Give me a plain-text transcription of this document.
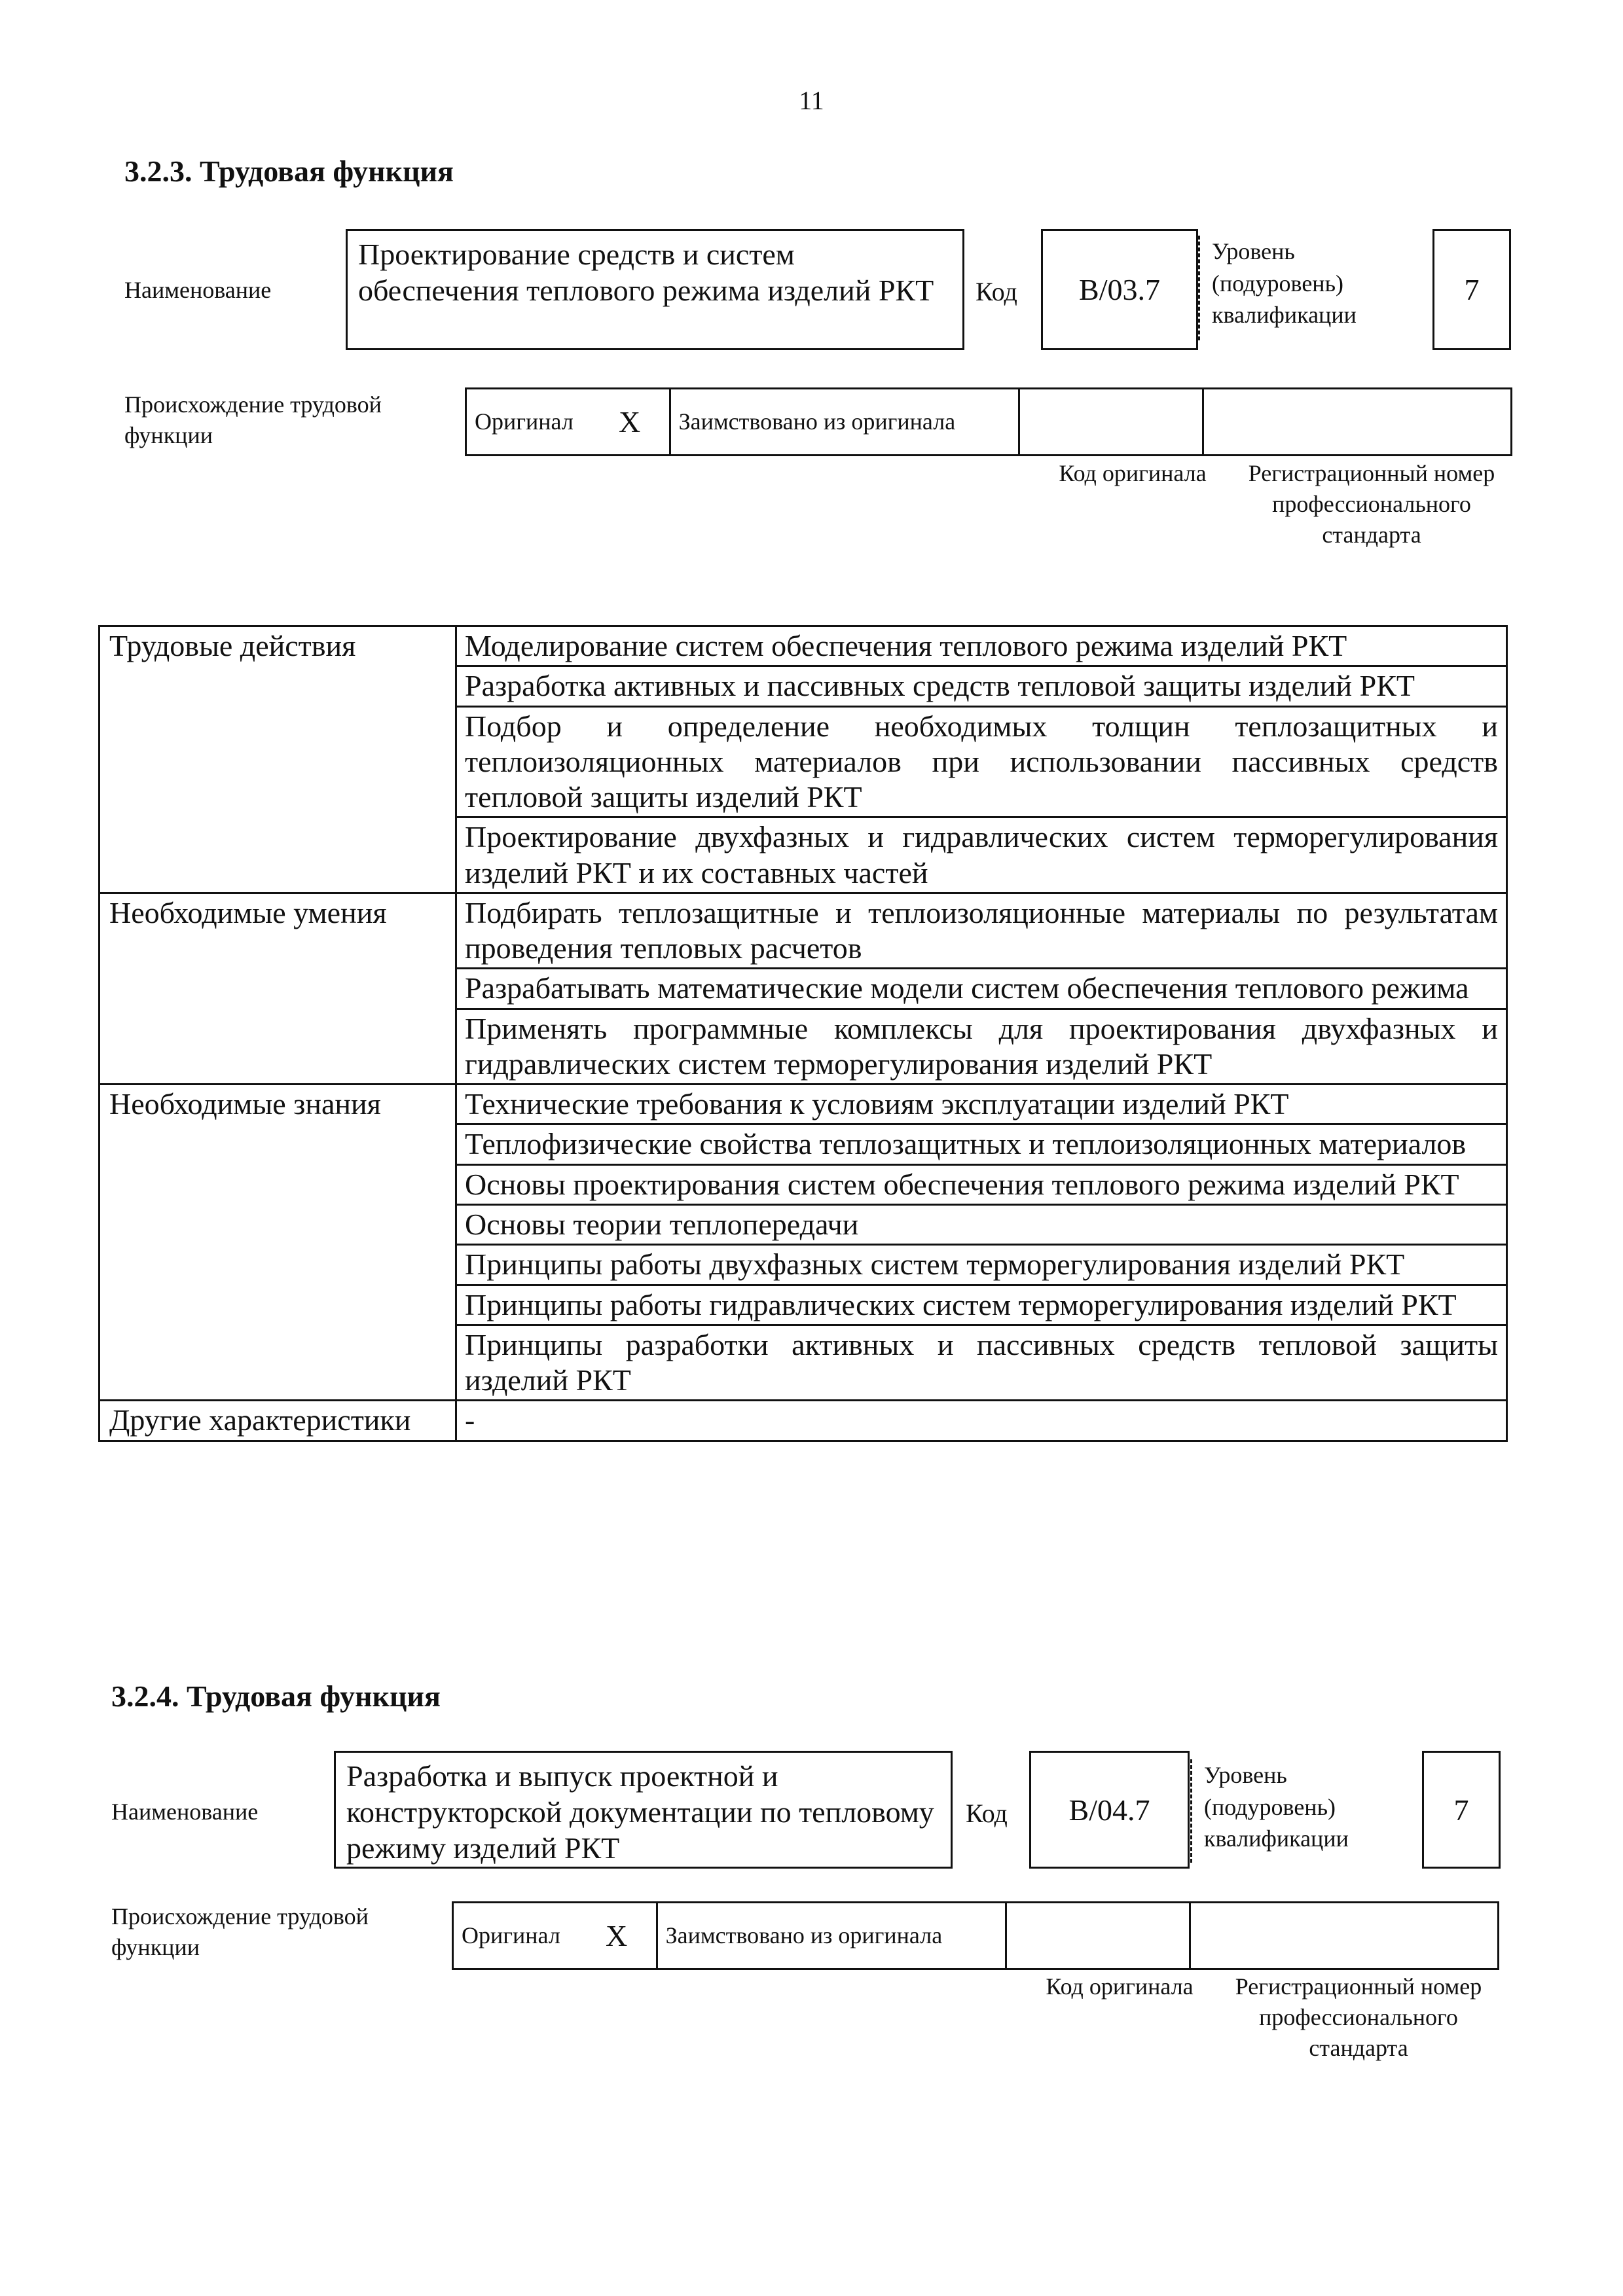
11
3.2.3. Трудовая функция
Наименование
Проектирование средств и систем обеспечения теплового режима изделий РКТ	Код B/03.7
Уровень (подуровень) квалификации
7
Происхождение трудовой функции
Оригинал	X	Заимствовано из оригинала		
Код оригинала Регистрационный номер профессионального стандарта
Трудовые действия	Моделирование систем обеспечения теплового режима изделий РКТ
	Разработка активных и пассивных средств тепловой защиты изделий РКТ
	Подбор и определение необходимых толщин теплозащитных и теплоизоляционных материалов при использовании пассивных средств тепловой защиты изделий РКТ
	Проектирование двухфазных и гидравлических систем терморегулирования изделий РКТ и их составных частей
Необходимые умения	Подбирать теплозащитные и теплоизоляционные материалы по результатам проведения тепловых расчетов
	Разрабатывать математические модели систем обеспечения теплового режима
	Применять программные комплексы для проектирования двухфазных и гидравлических систем терморегулирования изделий РКТ
Необходимые знания	Технические требования к условиям эксплуатации изделий РКТ
	Теплофизические свойства теплозащитных и теплоизоляционных материалов
	Основы проектирования систем обеспечения теплового режима изделий РКТ
	Основы теории теплопередачи
	Принципы работы двухфазных систем терморегулирования изделий РКТ
	Принципы работы гидравлических систем терморегулирования изделий РКТ
	Принципы разработки активных и пассивных средств тепловой защиты изделий РКТ
Другие характеристики	-
3.2.4. Трудовая функция
Наименование
Разработка и выпуск проектной и конструкторской документации по тепловому режиму изделий РКТ
Код B/04.7
Уровень (подуровень) квалификации
7
Происхождение трудовой функции	Оригинал	X	Заимствовано из оригинала		
Код оригинала Регистрационный номер профессионального стандарта
